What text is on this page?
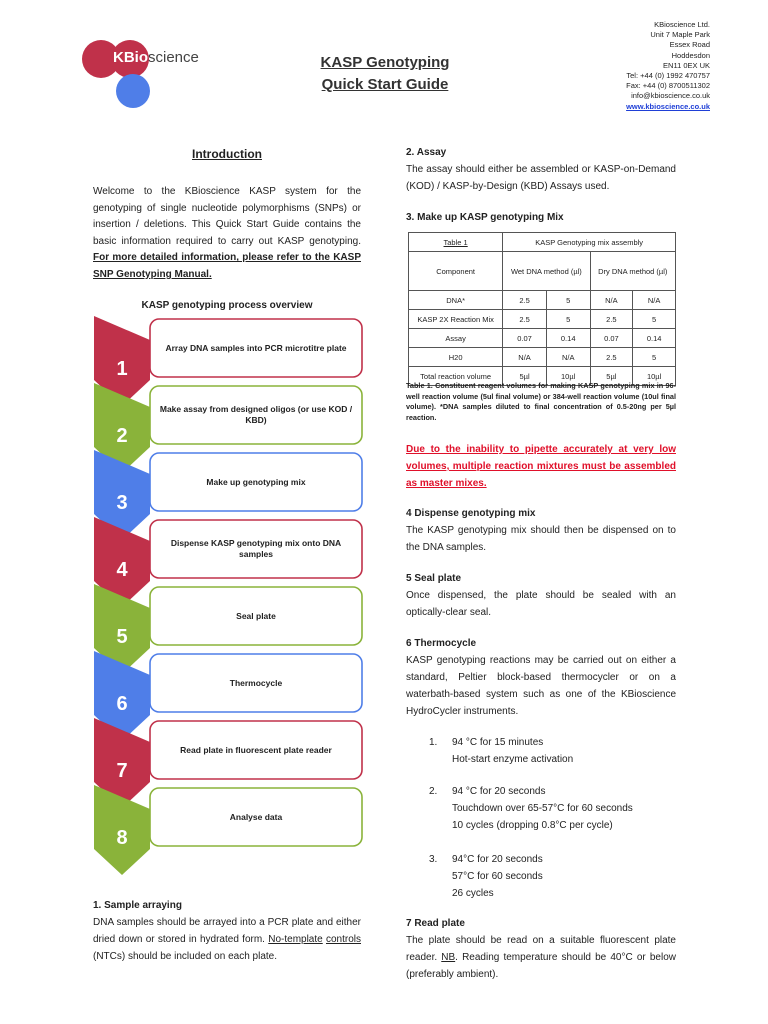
KBioscience	KASP Genotyping
Quick Start Guide
KBioscience Ltd.
Unit 7 Maple Park
Essex Road
Hoddesdon
EN11 0EX UK
Tel: +44 (0) 1992 470757
Fax: +44 (0) 8700511302
info@kbioscience.co.uk
www.kbioscience.co.uk
Introduction
Welcome to the KBioscience KASP system for the genotyping of single nucleotide polymorphisms (SNPs) or insertion / deletions. This Quick Start Guide contains the basic information required to carry out KASP genotyping. For more detailed information, please refer to the KASP SNP Genotyping Manual.
KASP genotyping process overview
1
Array DNA samples into PCR microtitre plate
2
Make assay from designed oligos (or use KOD / KBD)
3
Make up genotyping mix
4
Dispense KASP genotyping mix onto DNA samples
5
Seal plate
6
Thermocycle
7
Read plate in fluorescent plate reader
8
Analyse data
1. Sample arraying
DNA samples should be arrayed into a PCR plate and either dried down or stored in hydrated form. No-template controls (NTCs) should be included on each plate.
2. Assay
The assay should either be assembled or KASP-on-Demand (KOD) / KASP-by-Design (KBD) Assays used.
3. Make up KASP genotyping Mix
Table 1	KASP Genotyping mix assembly			
Component	Wet DNA method (µl)		Dry DNA method (µl)	
DNA*	2.5	5	N/A	N/A
KASP 2X Reaction Mix	2.5	5	2.5	5
Assay	0.07	0.14	0.07	0.14
H20	N/A	N/A	2.5	5
Total reaction volume	5µl	10µl	5µl	10µl
Table 1. Constituent reagent volumes for making KASP genotyping mix in 96-well reaction volume (5ul final volume) or 384-well reaction volume (10ul final volume). *DNA samples diluted to final concentration of 0.5-20ng per 5µl reaction.
Due to the inability to pipette accurately at very low volumes, multiple reaction mixtures must be assembled as master mixes.
4 Dispense genotyping mix
The KASP genotyping mix should then be dispensed on to the DNA samples.
5 Seal plate
Once dispensed, the plate should be sealed with an optically-clear seal.
6 Thermocycle
KASP genotyping reactions may be carried out on either a standard, Peltier block-based thermocycler or on a waterbath-based system such as one of the KBioscience HydroCycler instruments.
1. 94 °C for 15 minutes
Hot-start enzyme activation
2. 94 °C for 20 seconds
Touchdown over 65-57°C for 60 seconds
10 cycles (dropping 0.8°C per cycle)
3. 94°C for 20 seconds
57°C for 60 seconds
26 cycles
7 Read plate
The plate should be read on a suitable fluorescent plate reader. NB. Reading temperature should be 40°C or below (preferably ambient).
